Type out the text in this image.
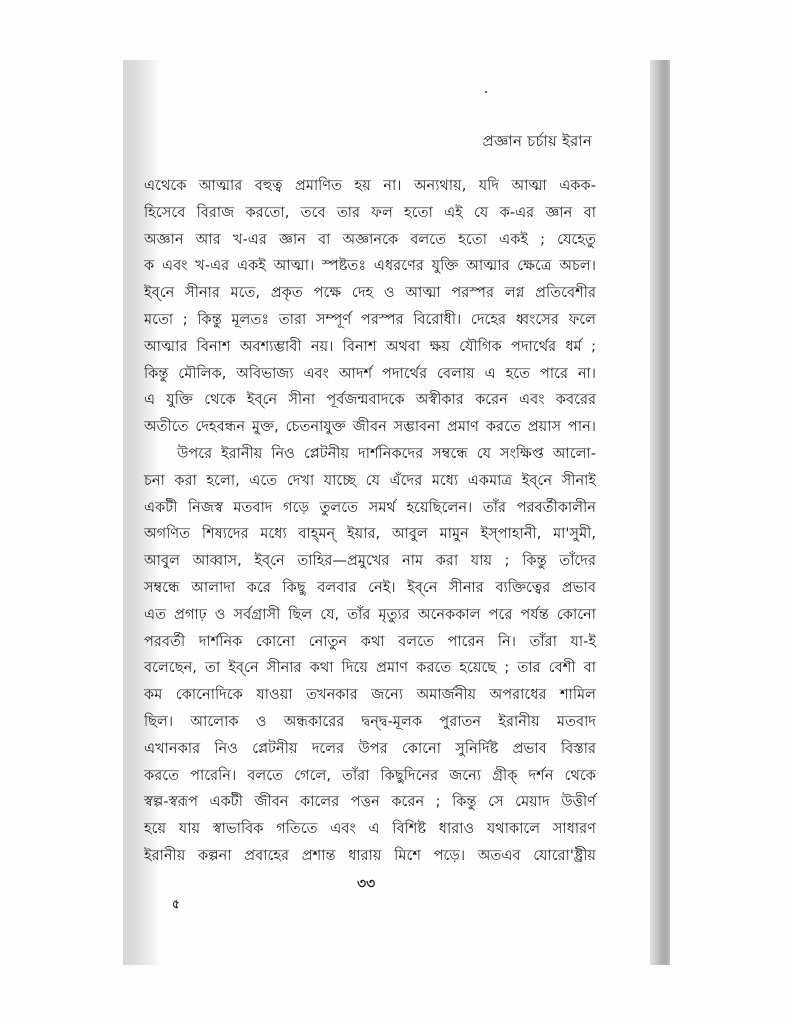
প্রজ্ঞান চর্চায় ইরান
এথেকে আত্মার বহুত্ব প্রমাণিত হয় না। অন্যথায়, যদি আত্মা একক-
হিসেবে বিরাজ করতো, তবে তার ফল হতো এই যে ক-এর জ্ঞান বা
অজ্ঞান আর খ-এর জ্ঞান বা অজ্ঞানকে বলতে হতো একই ; যেহেতু
ক এবং খ-এর একই আত্মা। স্পষ্টতঃ এধরণের যুক্তি আত্মার ক্ষেত্রে অচল।
ইব্‌নে সীনার মতে, প্রকৃত পক্ষে দেহ ও আত্মা পরস্পর লগ্ন প্রতিবেশীর
মতো ; কিন্তু মূলতঃ তারা সম্পূর্ণ পরস্পর বিরোধী। দেহের ধ্বংসের ফলে
আত্মার বিনাশ অবশ্যম্ভাবী নয়। বিনাশ অথবা ক্ষয় যৌগিক পদার্থের ধর্ম ;
কিন্তু মৌলিক, অবিভাজ্য এবং আদর্শ পদার্থের বেলায় এ হতে পারে না।
এ যুক্তি থেকে ইব্‌নে সীনা পূর্বজন্মবাদকে অস্বীকার করেন এবং কবরের
অতীতে দেহবন্ধন মুক্ত, চেতনাযুক্ত জীবন সম্ভাবনা প্রমাণ করতে প্রয়াস পান।
উপরে ইরানীয় নিও প্লেটনীয় দার্শনিকদের সম্বন্ধে যে সংক্ষিপ্ত আলো-
চনা করা হলো, এতে দেখা যাচ্ছে যে এঁদের মধ্যে একমাত্র ইব্‌নে সীনাই
একটী নিজস্ব মতবাদ গড়ে তুলতে সমর্থ হয়েছিলেন। তাঁর পরবর্তীকালীন
অগণিত শিষ্যদের মধ্যে বাহ্‌মন্ ইয়ার, আবুল মামুন ইস্‌পাহানী, মা'সুমী,
আবুল আব্বাস, ইব্‌নে তাহির—প্রমুখের নাম করা যায় ; কিন্তু তাঁদের
সম্বন্ধে আলাদা করে কিছু বলবার নেই। ইব্‌নে সীনার ব্যক্তিত্বের প্রভাব
এত প্রগাঢ় ও সর্বগ্রাসী ছিল যে, তাঁর মৃত্যুর অনেককাল পরে পর্যন্ত কোনো
পরবর্তী দার্শনিক কোনো নোতুন কথা বলতে পারেন নি। তাঁরা যা-ই
বলেছেন, তা ইব্‌নে সীনার কথা দিয়ে প্রমাণ করতে হয়েছে ; তার বেশী বা
কম কোনোদিকে যাওয়া তখনকার জন্যে অমার্জনীয় অপরাধের শামিল
ছিল। আলোক ও অন্ধকারের দ্বন্দ্ব-মূলক পুরাতন ইরানীয় মতবাদ
এখানকার নিও প্লেটনীয় দলের উপর কোনো সুনির্দিষ্ট প্রভাব বিস্তার
করতে পারেনি। বলতে গেলে, তাঁরা কিছুদিনের জন্যে গ্রীক্ দর্শন থেকে
স্বল্প-স্বরূপ একটী জীবন কালের পত্তন করেন ; কিন্তু সে মেয়াদ উত্তীর্ণ
হয়ে যায় স্বাভাবিক গতিতে এবং এ বিশিষ্ট ধারাও যথাকালে সাধারণ
ইরানীয় কল্পনা প্রবাহের প্রশান্ত ধারায় মিশে পড়ে। অতএব যোরো'ষ্ট্রীয়
৩৩
৫
